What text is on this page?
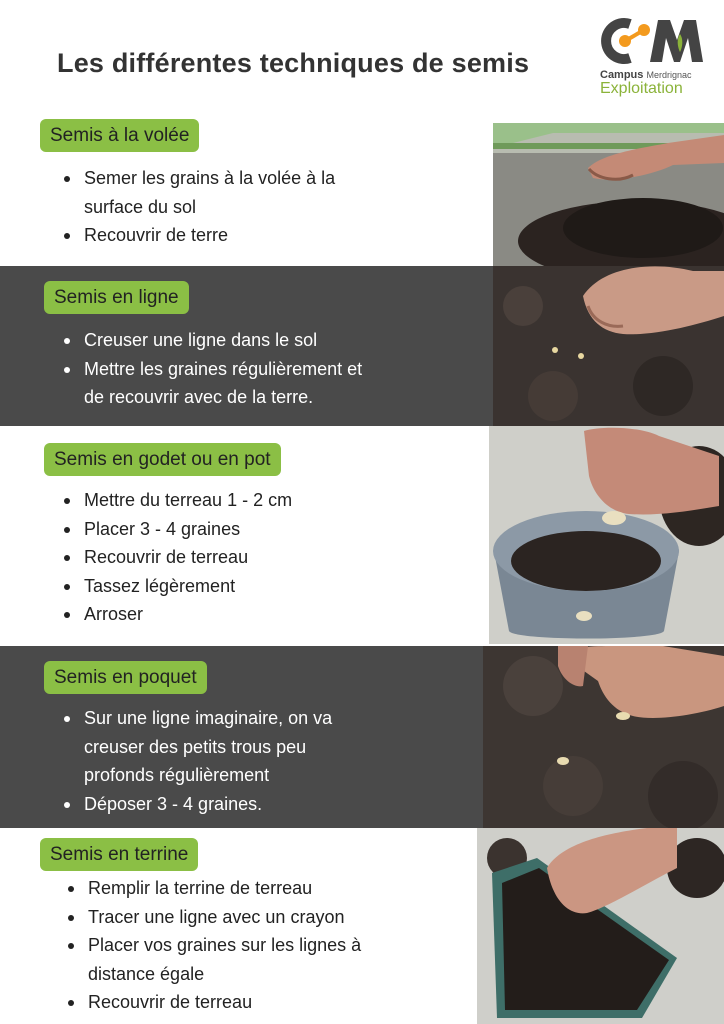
Les différentes techniques de semis	Campus Merdrignac
Exploitation
Semis à la volée
Semer les grains à la volée à la
surface du sol
Recouvrir de terre
Semis en ligne
Creuser une ligne dans le sol
Mettre les graines régulièrement et
de recouvrir avec de la terre.
Semis en godet ou en pot
Mettre du terreau 1 - 2 cm
Placer 3 - 4 graines
Recouvrir de terreau
Tassez légèrement
Arroser
Semis en poquet
Sur une ligne imaginaire, on va
creuser des petits trous peu
profonds régulièrement
Déposer 3 - 4 graines.
Semis en terrine
Remplir la terrine de terreau
Tracer une ligne avec un crayon
Placer vos graines sur les lignes à
distance égale
Recouvrir de terreau
